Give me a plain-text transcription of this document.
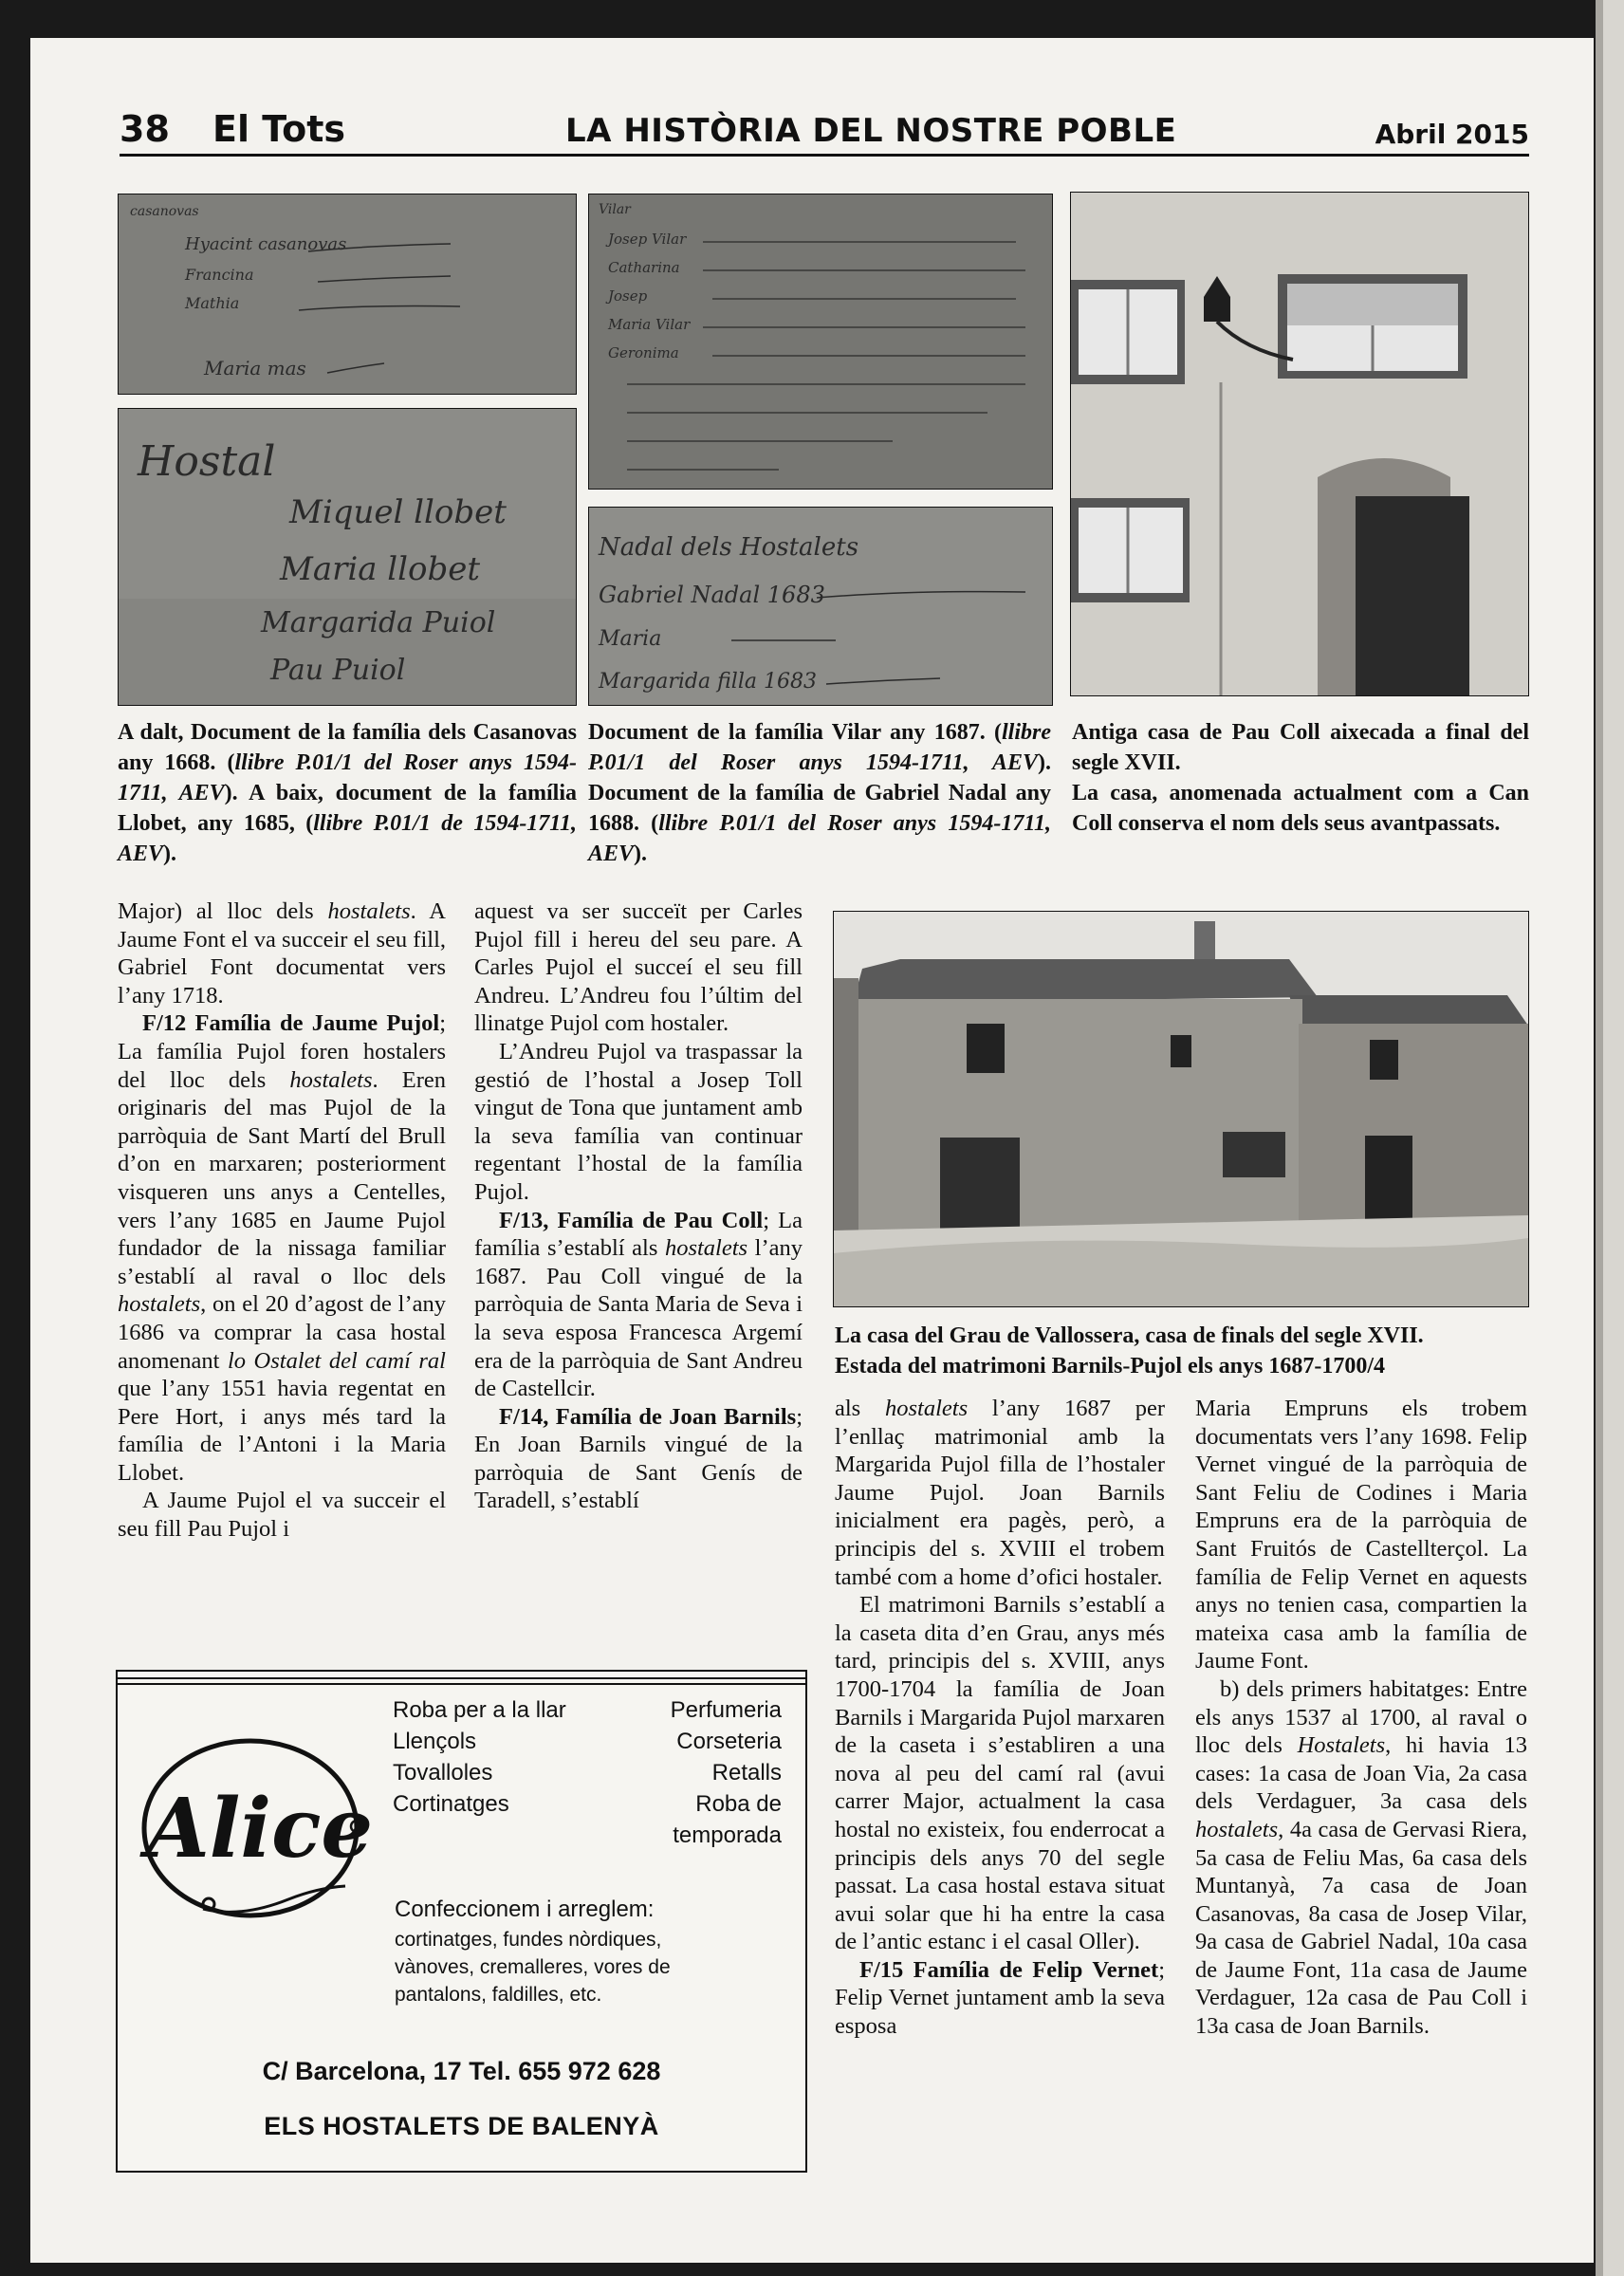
38 El Tots	LA HISTÒRIA DEL NOSTRE POBLE	Abril 2015
casanovas
Hyacint casanovas
Francina
Mathia
Maria mas
Hostal
Miquel llobet
Maria llobet
Margarida Puiol
Pau Puiol
Vilar
Josep Vilar
Catharina
Josep
Maria Vilar
Geronima
Nadal dels Hostalets
Gabriel Nadal 1683
Maria
Margarida filla 1683

A dalt, Document de la família dels Casanovas any 1668. (llibre P.01/1 del Roser anys 1594-1711, AEV). A baix, document de la família Llobet, any 1685, (llibre P.01/1 de 1594-1711, AEV).

Document de la família Vilar any 1687. (llibre P.01/1 del Roser anys 1594-1711, AEV). Document de la família de Gabriel Nadal any 1688. (llibre P.01/1 del Roser anys 1594-1711, AEV).

Antiga casa de Pau Coll aixecada a final del segle XVII.
La casa, anomenada actualment com a Can Coll conserva el nom dels seus avantpassats.

La casa del Grau de Vallossera, casa de finals del segle XVII.
Estada del matrimoni Barnils-Pujol els anys 1687-1700/4

Major) al lloc dels hostalets. A Jaume Font el va succeir el seu fill, Gabriel Font documentat vers l’any 1718.

F/12 Família de Jaume Pujol; La família Pujol foren hostalers del lloc dels hostalets. Eren originaris del mas Pujol de la parròquia de Sant Martí del Brull d’on en marxaren; posteriorment visqueren uns anys a Centelles, vers l’any 1685 en Jaume Pujol fundador de la nissaga familiar s’establí al raval o lloc dels hostalets, on el 20 d’agost de l’any 1686 va comprar la casa hostal anomenant lo Ostalet del camí ral que l’any 1551 havia regentat en Pere Hort, i anys més tard la família de l’Antoni i la Maria Llobet.

A Jaume Pujol el va succeir el seu fill Pau Pujol i

aquest va ser succeït per Carles Pujol fill i hereu del seu pare. A Carles Pujol el succeí el seu fill Andreu. L’Andreu fou l’últim del llinatge Pujol com hostaler.

L’Andreu Pujol va traspassar la gestió de l’hostal a Josep Toll vingut de Tona que juntament amb la seva família van continuar regentant l’hostal de la família Pujol.

F/13, Família de Pau Coll; La família s’establí als hostalets l’any 1687. Pau Coll vingué de la parròquia de Santa Maria de Seva i la seva esposa Francesca Argemí era de la parròquia de Sant Andreu de Castellcir.

F/14, Família de Joan Barnils; En Joan Barnils vingué de la parròquia de Sant Genís de Taradell, s’establí

als hostalets l’any 1687 per l’enllaç matrimonial amb la Margarida Pujol filla de l’hostaler Jaume Pujol. Joan Barnils inicialment era pagès, però, a principis del s. XVIII el trobem també com a home d’ofici hostaler.

El matrimoni Barnils s’establí a la caseta dita d’en Grau, anys més tard, principis del s. XVIII, anys 1700-1704 la família de Joan Barnils i Margarida Pujol marxaren de la caseta i s’establiren a una nova al peu del camí ral (avui carrer Major, actualment la casa hostal no existeix, fou enderrocat a principis dels anys 70 del segle passat. La casa hostal estava situat avui solar que hi ha entre la casa de l’antic estanc i el casal Oller).

F/15 Família de Felip Vernet; Felip Vernet juntament amb la seva esposa

Maria Empruns els trobem documentats vers l’any 1698. Felip Vernet vingué de la parròquia de Sant Feliu de Codines i Maria Empruns era de la parròquia de Sant Fruitós de Castellterçol. La família de Felip Vernet en aquests anys no tenien casa, compartien la mateixa casa amb la família de Jaume Font.

b) dels primers habitatges: Entre els anys 1537 al 1700, al raval o lloc dels Hostalets, hi havia 13 cases: 1a casa de Joan Via, 2a casa dels Verdaguer, 3a casa dels hostalets, 4a casa de Gervasi Riera, 5a casa de Feliu Mas, 6a casa dels Muntanyà, 7a casa de Joan Casanovas, 8a casa de Josep Vilar, 9a casa de Gabriel Nadal, 10a casa de Jaume Font, 11a casa de Jaume Verdaguer, 12a casa de Pau Coll i 13a casa de Joan Barnils.

Alice
Roba per a la llar
Llençols
Tovalloles
Cortinatges
Perfumeria
Corseteria
Retalls
Roba de
temporada
Confeccionem i arreglem:
cortinatges, fundes nòrdiques, vànoves, cremalleres, vores de pantalons, faldilles, etc.
C/ Barcelona, 17 Tel. 655 972 628
ELS HOSTALETS DE BALENYÀ
